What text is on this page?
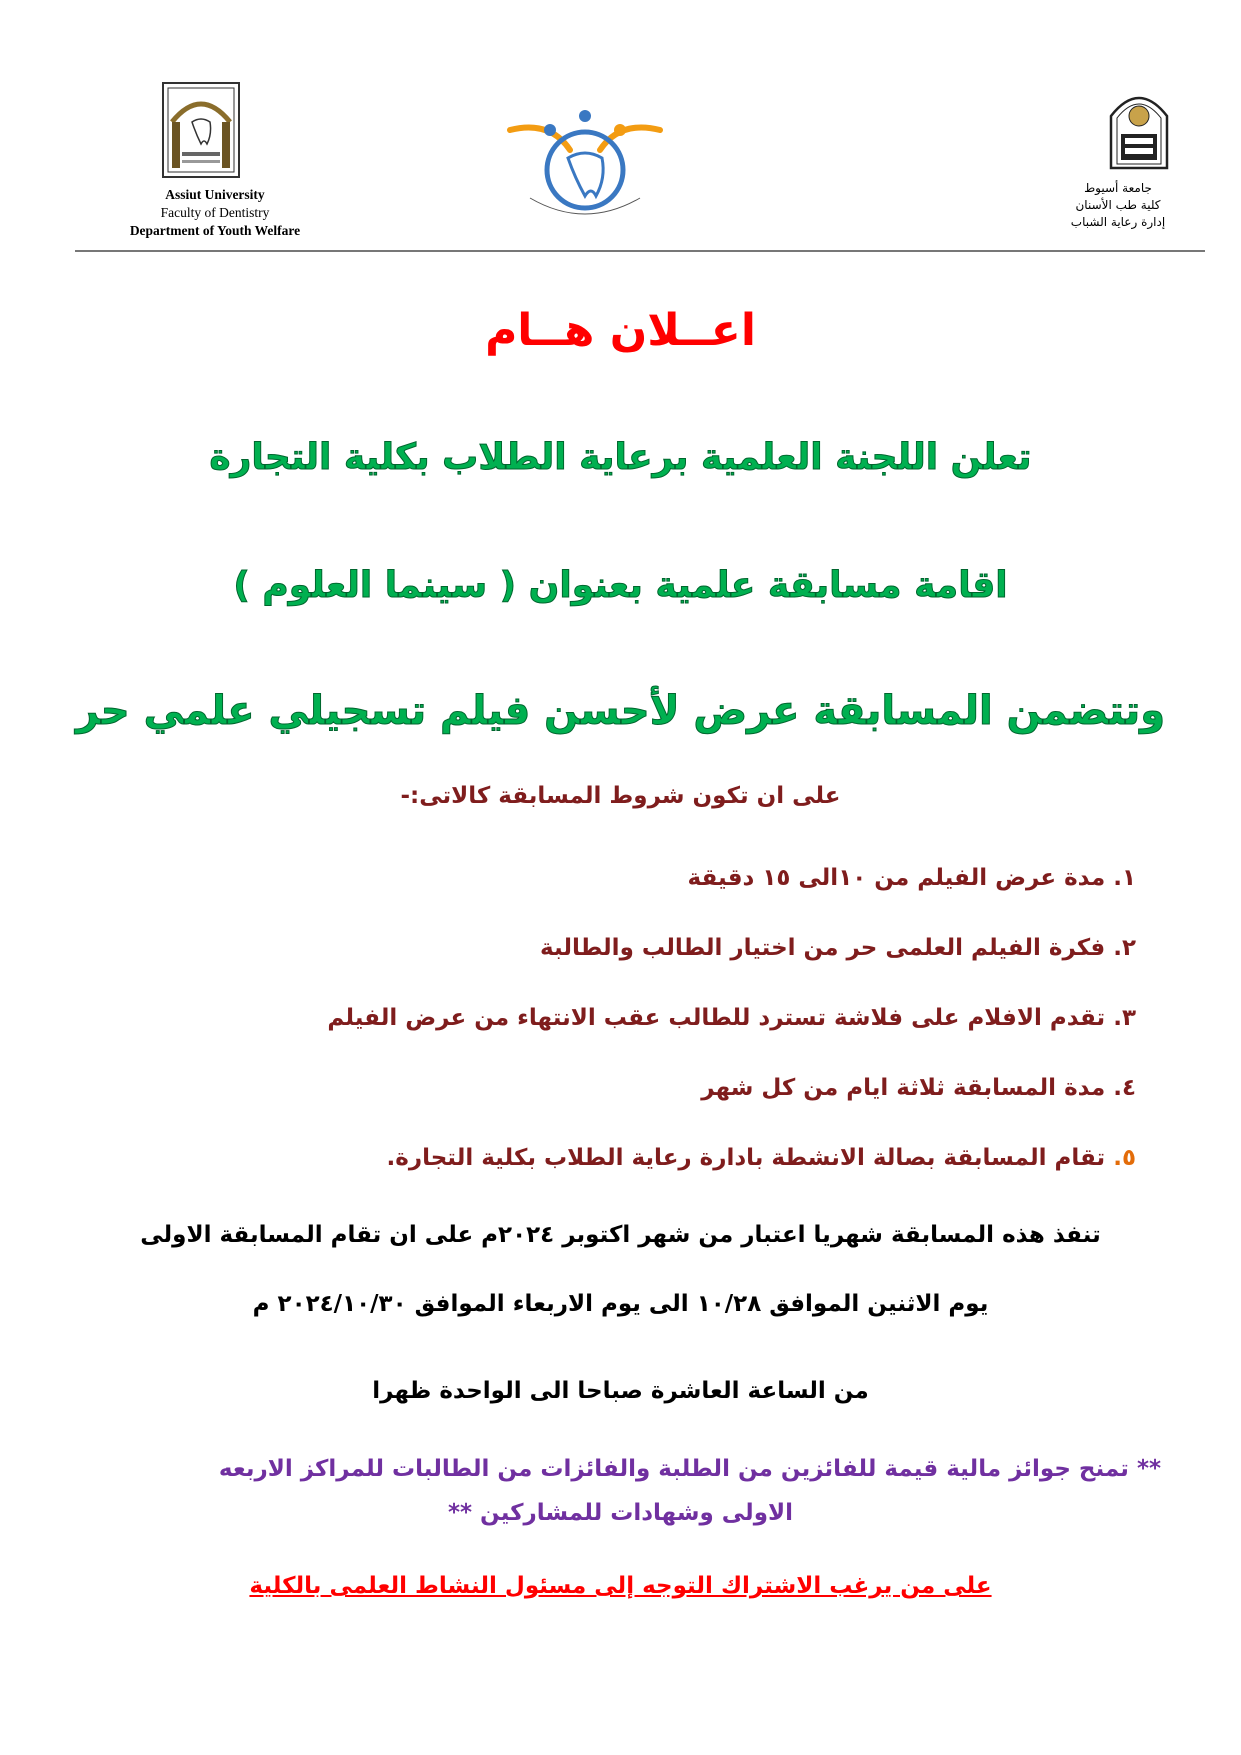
Assiut University
Faculty of Dentistry
Department of Youth Welfare
جامعة أسيوط
كلية طب الأسنان
إدارة رعاية الشباب
اعــلان هــام
تعلن اللجنة العلمية برعاية الطلاب بكلية التجارة
اقامة مسابقة علمية بعنوان ( سينما العلوم )
وتتضمن المسابقة عرض لأحسن فيلم تسجيلي علمي حر
على ان تكون شروط المسابقة كالاتى:-
١. مدة عرض الفيلم من ١٠الى ١٥ دقيقة
٢. فكرة الفيلم العلمى حر من اختيار الطالب والطالبة
٣. تقدم الافلام على فلاشة تسترد للطالب عقب الانتهاء من عرض الفيلم
٤. مدة المسابقة ثلاثة ايام من كل شهر
٥. تقام المسابقة بصالة الانشطة بادارة رعاية الطلاب بكلية التجارة.
تنفذ هذه المسابقة شهريا اعتبار من شهر اكتوبر ٢٠٢٤م على ان تقام المسابقة الاولى
يوم الاثنين الموافق ١٠/٢٨ الى يوم الاربعاء الموافق ٢٠٢٤/١٠/٣٠ م
من الساعة العاشرة صباحا الى الواحدة ظهرا
** تمنح جوائز مالية قيمة للفائزين من الطلبة والفائزات من الطالبات للمراكز الاربعه
الاولى وشهادات للمشاركين **
على من يرغب الاشتراك التوجه إلى مسئول النشاط العلمى بالكلية
